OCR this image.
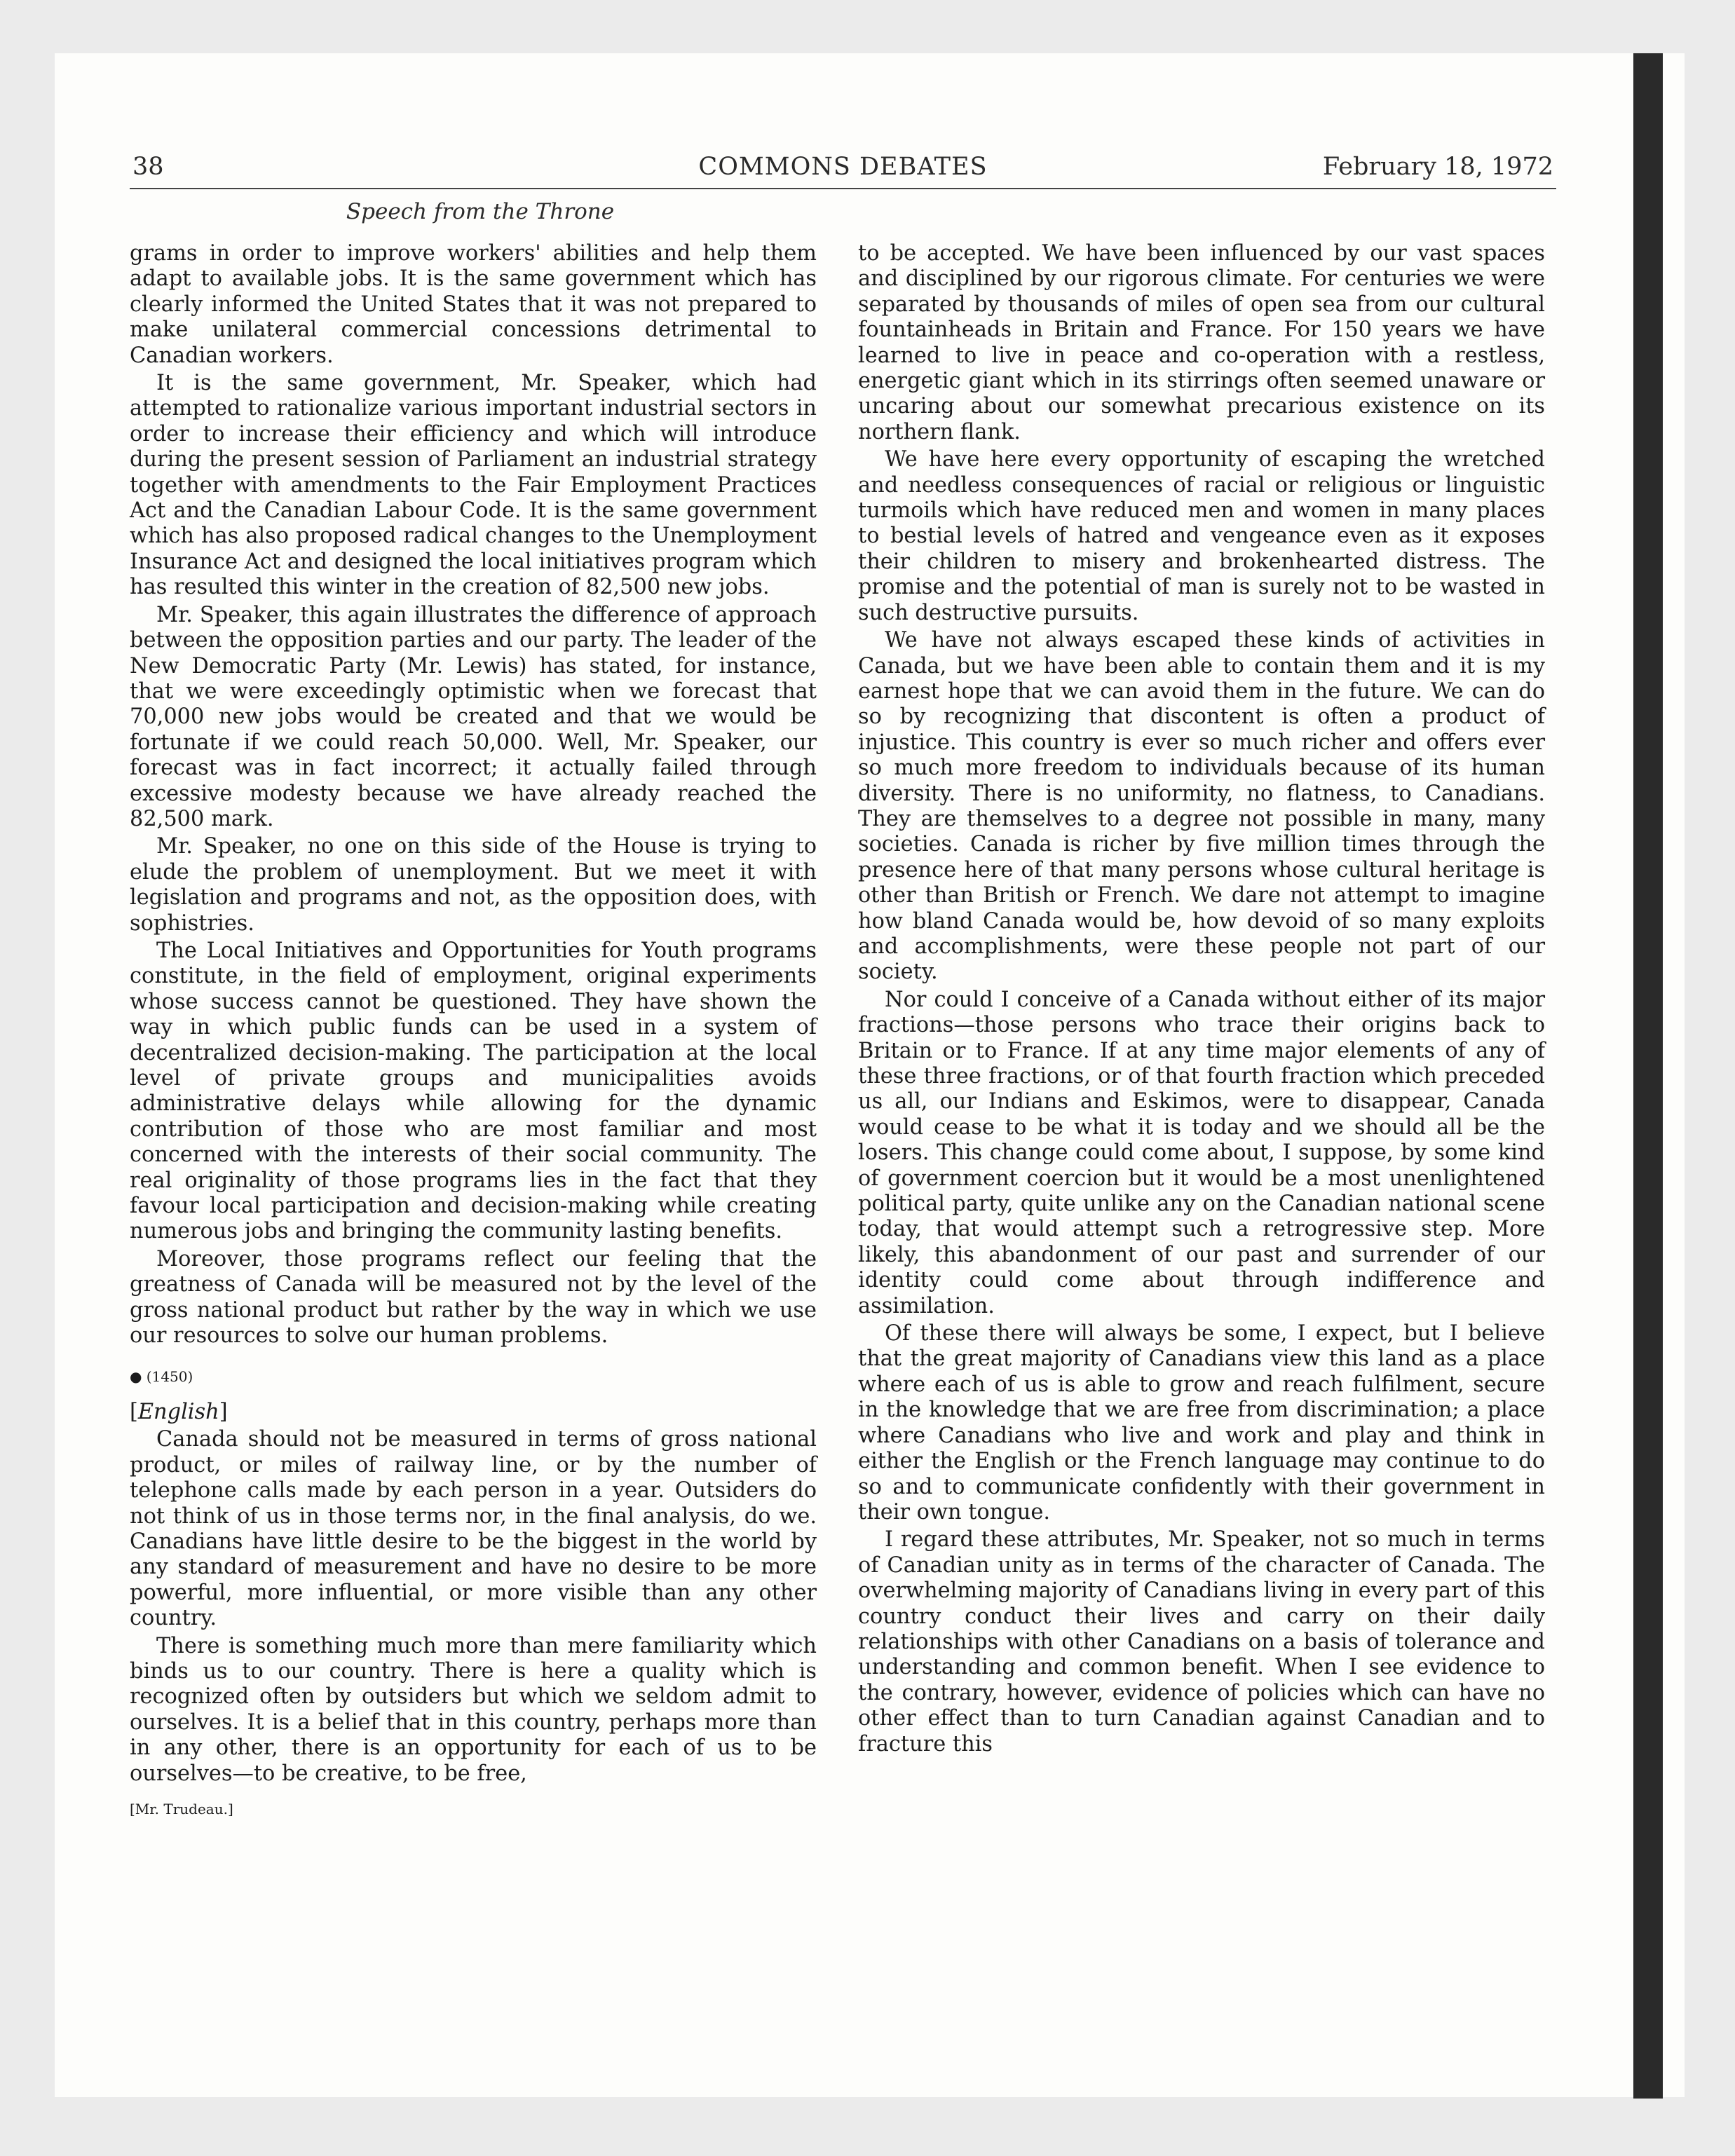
38	COMMONS DEBATES	February 18, 1972
Speech from the Throne

grams in order to improve workers' abilities and help them adapt to available jobs. It is the same government which has clearly informed the United States that it was not prepared to make unilateral commercial concessions detrimental to Canadian workers.

It is the same government, Mr. Speaker, which had attempted to rationalize various important industrial sectors in order to increase their efficiency and which will introduce during the present session of Parliament an industrial strategy together with amendments to the Fair Employment Practices Act and the Canadian Labour Code. It is the same government which has also proposed radical changes to the Unemployment Insurance Act and designed the local initiatives program which has resulted this winter in the creation of 82,500 new jobs.

Mr. Speaker, this again illustrates the difference of approach between the opposition parties and our party. The leader of the New Democratic Party (Mr. Lewis) has stated, for instance, that we were exceedingly optimistic when we forecast that 70,000 new jobs would be created and that we would be fortunate if we could reach 50,000. Well, Mr. Speaker, our forecast was in fact incorrect; it actually failed through excessive modesty because we have already reached the 82,500 mark.

Mr. Speaker, no one on this side of the House is trying to elude the problem of unemployment. But we meet it with legislation and programs and not, as the opposition does, with sophistries.

The Local Initiatives and Opportunities for Youth programs constitute, in the field of employment, original experiments whose success cannot be questioned. They have shown the way in which public funds can be used in a system of decentralized decision-making. The participation at the local level of private groups and municipalities avoids administrative delays while allowing for the dynamic contribution of those who are most familiar and most concerned with the interests of their social community. The real originality of those programs lies in the fact that they favour local participation and decision-making while creating numerous jobs and bringing the community lasting benefits.

Moreover, those programs reflect our feeling that the greatness of Canada will be measured not by the level of the gross national product but rather by the way in which we use our resources to solve our human problems.

● (1450)

[English]

Canada should not be measured in terms of gross national product, or miles of railway line, or by the number of telephone calls made by each person in a year. Outsiders do not think of us in those terms nor, in the final analysis, do we. Canadians have little desire to be the biggest in the world by any standard of measurement and have no desire to be more powerful, more influential, or more visible than any other country.

There is something much more than mere familiarity which binds us to our country. There is here a quality which is recognized often by outsiders but which we seldom admit to ourselves. It is a belief that in this country, perhaps more than in any other, there is an opportunity for each of us to be ourselves—to be creative, to be free,

[Mr. Trudeau.]

to be accepted. We have been influenced by our vast spaces and disciplined by our rigorous climate. For centuries we were separated by thousands of miles of open sea from our cultural fountainheads in Britain and France. For 150 years we have learned to live in peace and co-operation with a restless, energetic giant which in its stirrings often seemed unaware or uncaring about our somewhat precarious existence on its northern flank.

We have here every opportunity of escaping the wretched and needless consequences of racial or religious or linguistic turmoils which have reduced men and women in many places to bestial levels of hatred and vengeance even as it exposes their children to misery and brokenhearted distress. The promise and the potential of man is surely not to be wasted in such destructive pursuits.

We have not always escaped these kinds of activities in Canada, but we have been able to contain them and it is my earnest hope that we can avoid them in the future. We can do so by recognizing that discontent is often a product of injustice. This country is ever so much richer and offers ever so much more freedom to individuals because of its human diversity. There is no uniformity, no flatness, to Canadians. They are themselves to a degree not possible in many, many societies. Canada is richer by five million times through the presence here of that many persons whose cultural heritage is other than British or French. We dare not attempt to imagine how bland Canada would be, how devoid of so many exploits and accomplishments, were these people not part of our society.

Nor could I conceive of a Canada without either of its major fractions—those persons who trace their origins back to Britain or to France. If at any time major elements of any of these three fractions, or of that fourth fraction which preceded us all, our Indians and Eskimos, were to disappear, Canada would cease to be what it is today and we should all be the losers. This change could come about, I suppose, by some kind of government coercion but it would be a most unenlightened political party, quite unlike any on the Canadian national scene today, that would attempt such a retrogressive step. More likely, this abandonment of our past and surrender of our identity could come about through indifference and assimilation.

Of these there will always be some, I expect, but I believe that the great majority of Canadians view this land as a place where each of us is able to grow and reach fulfilment, secure in the knowledge that we are free from discrimination; a place where Canadians who live and work and play and think in either the English or the French language may continue to do so and to communicate confidently with their government in their own tongue.

I regard these attributes, Mr. Speaker, not so much in terms of Canadian unity as in terms of the character of Canada. The overwhelming majority of Canadians living in every part of this country conduct their lives and carry on their daily relationships with other Canadians on a basis of tolerance and understanding and common benefit. When I see evidence to the contrary, however, evidence of policies which can have no other effect than to turn Canadian against Canadian and to fracture this
